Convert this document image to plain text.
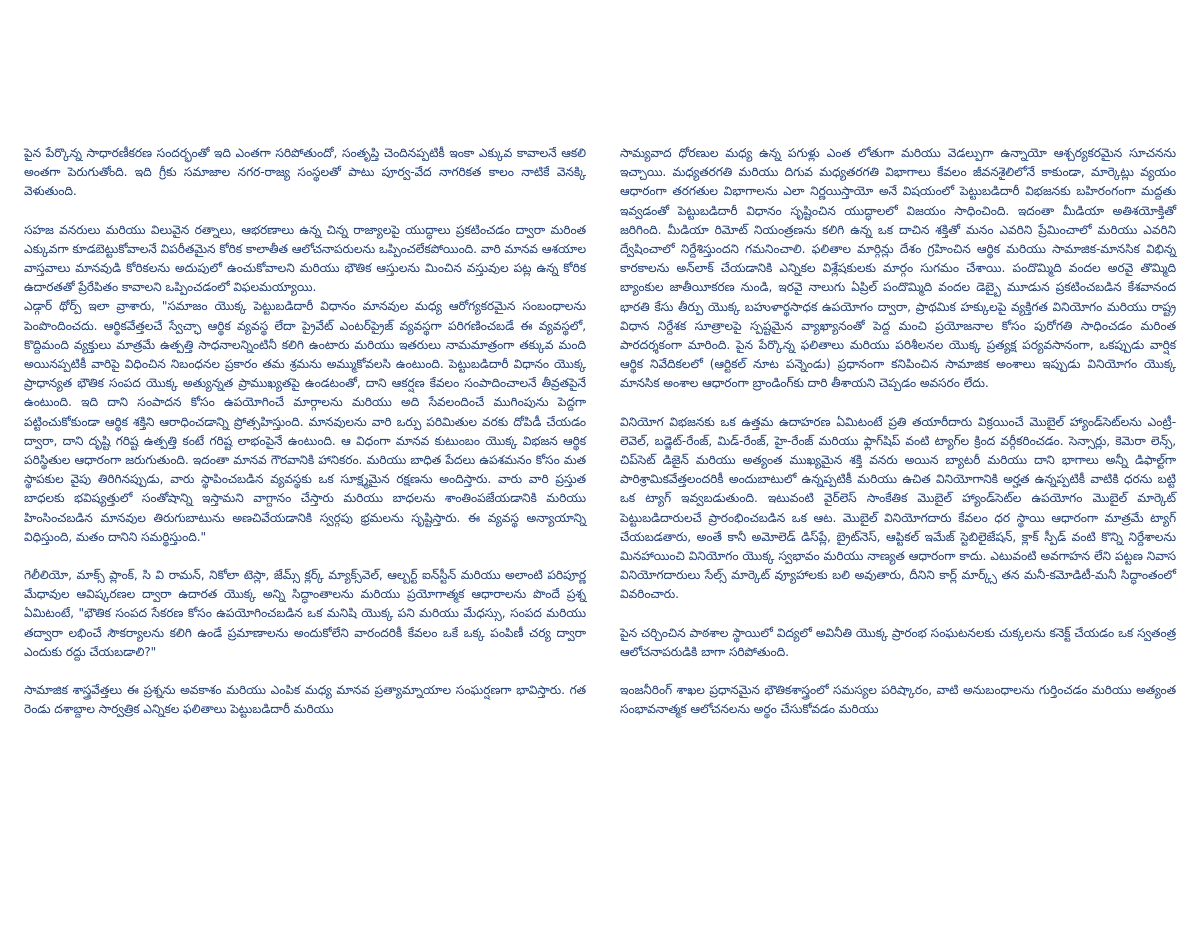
పైన పేర్కొన్న సాధారణీకరణ సందర్భంతో ఇది ఎంతగా సరిపోతుందో, సంతృప్తి చెందినప్పటికీ ఇంకా ఎక్కువ కావాలనే ఆకలి అంతగా పెరుగుతోంది. ఇది గ్రీకు సమాజాల నగర-రాజ్య సంస్థలతో పాటు పూర్వ-వేద నాగరికత కాలం నాటికే వెనక్కి వెళుతుంది.

సహజ వనరులు మరియు విలువైన రత్నాలు, ఆభరణాలు ఉన్న చిన్న రాజ్యాలపై యుద్ధాలు ప్రకటించడం ద్వారా మరింత ఎక్కువగా కూడబెట్టుకోవాలనే విపరీతమైన కోరిక కాలాతీత ఆలోచనాపరులను ఒప్పించలేకపోయింది. వారి మానవ ఆశయాల వాస్తవాలు మానవుడి కోరికలను అదుపులో ఉంచుకోవాలని మరియు భౌతిక ఆస్తులను మించిన వస్తువుల పట్ల ఉన్న కోరిక ఉదారతతో ప్రేరేపితం కావాలని ఒప్పించడంలో విఫలమయ్యాయి.

ఎడ్గార్ థోర్ప్ ఇలా వ్రాశారు, "సమాజం యొక్క పెట్టుబడిదారీ విధానం మానవుల మధ్య ఆరోగ్యకరమైన సంబంధాలను పెంపొందించదు. ఆర్థికవేత్తలచే స్వేచ్ఛా ఆర్థిక వ్యవస్థ లేదా ప్రైవేట్ ఎంటర్‌ప్రైజ్ వ్యవస్థగా పరిగణించబడే ఈ వ్యవస్థలో, కొద్దిమంది వ్యక్తులు మాత్రమే ఉత్పత్తి సాధనాలన్నింటినీ కలిగి ఉంటారు మరియు ఇతరులు నామమాత్రంగా తక్కువ మంది అయినప్పటికీ వారిపై విధించిన నిబంధనల ప్రకారం తమ శ్రమను అమ్ముకోవలసి ఉంటుంది. పెట్టుబడిదారీ విధానం యొక్క ప్రాధాన్యత భౌతిక సంపద యొక్క అత్యున్నత ప్రాముఖ్యతపై ఉండటంతో, దాని ఆకర్షణ కేవలం సంపాదించాలనే తీవ్రతపైనే ఉంటుంది. ఇది దాని సంపాదన కోసం ఉపయోగించే మార్గాలను మరియు అది సేవలందించే ముగింపును పెద్దగా పట్టించుకోకుండా ఆర్థిక శక్తిని ఆరాధించడాన్ని ప్రోత్సహిస్తుంది. మానవులను వారి ఒర్పు పరిమితుల వరకు దోపిడీ చేయడం ద్వారా, దాని దృష్టి గరిష్ట ఉత్పత్తి కంటే గరిష్ట లాభంపైనే ఉంటుంది. ఆ విధంగా మానవ కుటుంబం యొక్క విభజన ఆర్థిక పరిస్థితుల ఆధారంగా జరుగుతుంది. ఇదంతా మానవ గౌరవానికి హానికరం. మరియు బాధిత పేదలు ఉపశమనం కోసం మత స్థాపకుల వైపు తిరిగినప్పుడు, వారు స్థాపించబడిన వ్యవస్థకు ఒక సూక్ష్మమైన రక్షణను అందిస్తారు. వారు వారి ప్రస్తుత బాధలకు భవిష్యత్తులో సంతోషాన్ని ఇస్తామని వాగ్దానం చేస్తారు మరియు బాధలను శాంతింపజేయడానికి మరియు హింసించబడిన మానవుల తిరుగుబాటును అణచివేయడానికి స్వర్గపు భ్రమలను సృష్టిస్తారు. ఈ వ్యవస్థ అన్యాయాన్ని విధిస్తుంది, మతం దానిని సమర్థిస్తుంది."

గెలీలియో, మాక్స్ ప్లాంక్, సి వి రామన్, నికోలా టెస్లా, జేమ్స్ క్లర్క్ మ్యాక్స్‌వెల్, ఆల్బర్ట్ ఐన్‌స్టీన్ మరియు అలాంటి పరిపూర్ణ మేధావుల ఆవిష్కరణల ద్వారా ఉదారత యొక్క అన్ని సిద్ధాంతాలను మరియు ప్రయోగాత్మక ఆధారాలను పొందే ప్రశ్న ఏమిటంటే, "భౌతిక సంపద సేకరణ కోసం ఉపయోగించబడిన ఒక మనిషి యొక్క పని మరియు మేధస్సు, సంపద మరియు తద్వారా లభించే సౌకర్యాలను కలిగి ఉండే ప్రమాణాలను అందుకోలేని వారందరికీ కేవలం ఒకే ఒక్క పంపిణీ చర్య ద్వారా ఎందుకు రద్దు చేయబడాలి?"

సామాజిక శాస్త్రవేత్తలు ఈ ప్రశ్నను అవకాశం మరియు ఎంపిక మధ్య మానవ ప్రత్యామ్నాయాల సంఘర్షణగా భావిస్తారు. గత రెండు దశాబ్దాల సార్వత్రిక ఎన్నికల ఫలితాలు పెట్టుబడిదారీ మరియు

సామ్యవాద ధోరణుల మధ్య ఉన్న పగుళ్లు ఎంత లోతుగా మరియు వెడల్పుగా ఉన్నాయో ఆశ్చర్యకరమైన సూచనను ఇచ్చాయి. మధ్యతరగతి మరియు దిగువ మధ్యతరగతి విభాగాలు కేవలం జీవనశైలిలోనే కాకుండా, మార్కెట్లు వ్యయం ఆధారంగా తరగతుల విభాగాలను ఎలా నిర్ణయిస్తాయో అనే విషయంలో పెట్టుబడిదారీ విభజనకు బహిరంగంగా మద్దతు ఇవ్వడంతో పెట్టుబడిదారీ విధానం సృష్టించిన యుద్ధాలలో విజయం సాధించింది. ఇదంతా మీడియా అతిశయోక్తితో జరిగింది. మీడియా రిమోట్ నియంత్రణను కలిగి ఉన్న ఒక దాచిన శక్తితో మనం ఎవరిని ప్రేమించాలో మరియు ఎవరిని ద్వేషించాలో నిర్దేశిస్తుందని గమనించాలి. ఫలితాల మార్గిన్లు దేశం గ్రహించిన ఆర్థిక మరియు సామాజిక-మానసిక విభిన్న కారకాలను అన్‌లాక్ చేయడానికి ఎన్నికల విశ్లేషకులకు మార్గం సుగమం చేశాయి. పందొమ్మిది వందల అరవై తొమ్మిది బ్యాంకుల జాతీయీకరణ నుండి, ఇరవై నాలుగు ఏప్రిల్ పందొమ్మిది వందల డెబ్బై మూడున ప్రకటించబడిన కేశవానంద భారతి కేసు తీర్పు యొక్క బహుళార్థసాధక ఉపయోగం ద్వారా, ప్రాథమిక హక్కులపై వ్యక్తిగత వినియోగం మరియు రాష్ట్ర విధాన నిర్దేశక సూత్రాలపై స్పష్టమైన వ్యాఖ్యానంతో పెద్ద మంచి ప్రయోజనాల కోసం పురోగతి సాధించడం మరింత పారదర్శకంగా మారింది. పైన పేర్కొన్న ఫలితాలు మరియు పరిశీలనల యొక్క ప్రత్యక్ష పర్యవసానంగా, ఒకప్పుడు వార్షిక ఆర్థిక నివేదికలలో (ఆర్టికల్ నూట పన్నెండు) ప్రధానంగా కనిపించిన సామాజిక అంశాలు ఇప్పుడు వినియోగం యొక్క మానసిక అంశాల ఆధారంగా బ్రాండింగ్‌కు దారి తీశాయని చెప్పడం అవసరం లేదు.

వినియోగ విభజనకు ఒక ఉత్తమ ఉదాహరణ ఏమిటంటే ప్రతి తయారీదారు విక్రయించే మొబైల్ హ్యాండ్‌సెట్‌లను ఎంట్రీ-లెవెల్, బడ్జెట్-రేంజ్, మిడ్-రేంజ్, హై-రేంజ్ మరియు ఫ్లాగ్‌షిప్ వంటి ట్యాగ్‌ల క్రింద వర్గీకరించడం. సెన్సార్లు, కెమెరా లెన్స్, చిప్‌సెట్ డిజైన్ మరియు అత్యంత ముఖ్యమైన శక్తి వనరు అయిన బ్యాటరీ మరియు దాని భాగాలు అన్నీ డిఫాల్ట్‌గా పారిశ్రామికవేత్తలందరికీ అందుబాటులో ఉన్నప్పటికీ మరియు ఉచిత వినియోగానికి అర్హత ఉన్నప్పటికీ వాటికి ధరను బట్టి ఒక ట్యాగ్ ఇవ్వబడుతుంది. ఇటువంటి వైర్‌లెస్ సాంకేతిక మొబైల్ హ్యాండ్‌సెట్‌ల ఉపయోగం మొబైల్ మార్కెట్ పెట్టుబడిదారులచే ప్రారంభించబడిన ఒక ఆట. మొబైల్ వినియోగదారు కేవలం ధర స్థాయి ఆధారంగా మాత్రమే ట్యాగ్ చేయబడతారు, అంతే కానీ అమోలెడ్ డిస్‌ప్లే, బ్రైట్‌నెస్, ఆప్టికల్ ఇమేజ్ స్టెబిలైజేషన్, క్లాక్ స్పీడ్ వంటి కొన్ని నిర్దేశాలను మినహాయించి వినియోగం యొక్క స్వభావం మరియు నాణ్యత ఆధారంగా కాదు. ఎటువంటి అవగాహన లేని పట్టణ నివాస వినియోగదారులు సేల్స్ మార్కెట్ వ్యూహాలకు బలి అవుతారు, దీనిని కార్ల్ మార్క్స్ తన మనీ-కమోడిటీ-మనీ సిద్ధాంతంలో వివరించారు.

పైన చర్చించిన పాఠశాల స్థాయిలో విద్యలో అవినీతి యొక్క ప్రారంభ సంఘటనలకు చుక్కలను కనెక్ట్ చేయడం ఒక స్వతంత్ర ఆలోచనాపరుడికి బాగా సరిపోతుంది.

ఇంజనీరింగ్ శాఖల ప్రధానమైన భౌతికశాస్త్రంలో సమస్యల పరిష్కారం, వాటి అనుబంధాలను గుర్తించడం మరియు అత్యంత సంభావనాత్మక ఆలోచనలను అర్థం చేసుకోవడం మరియు
